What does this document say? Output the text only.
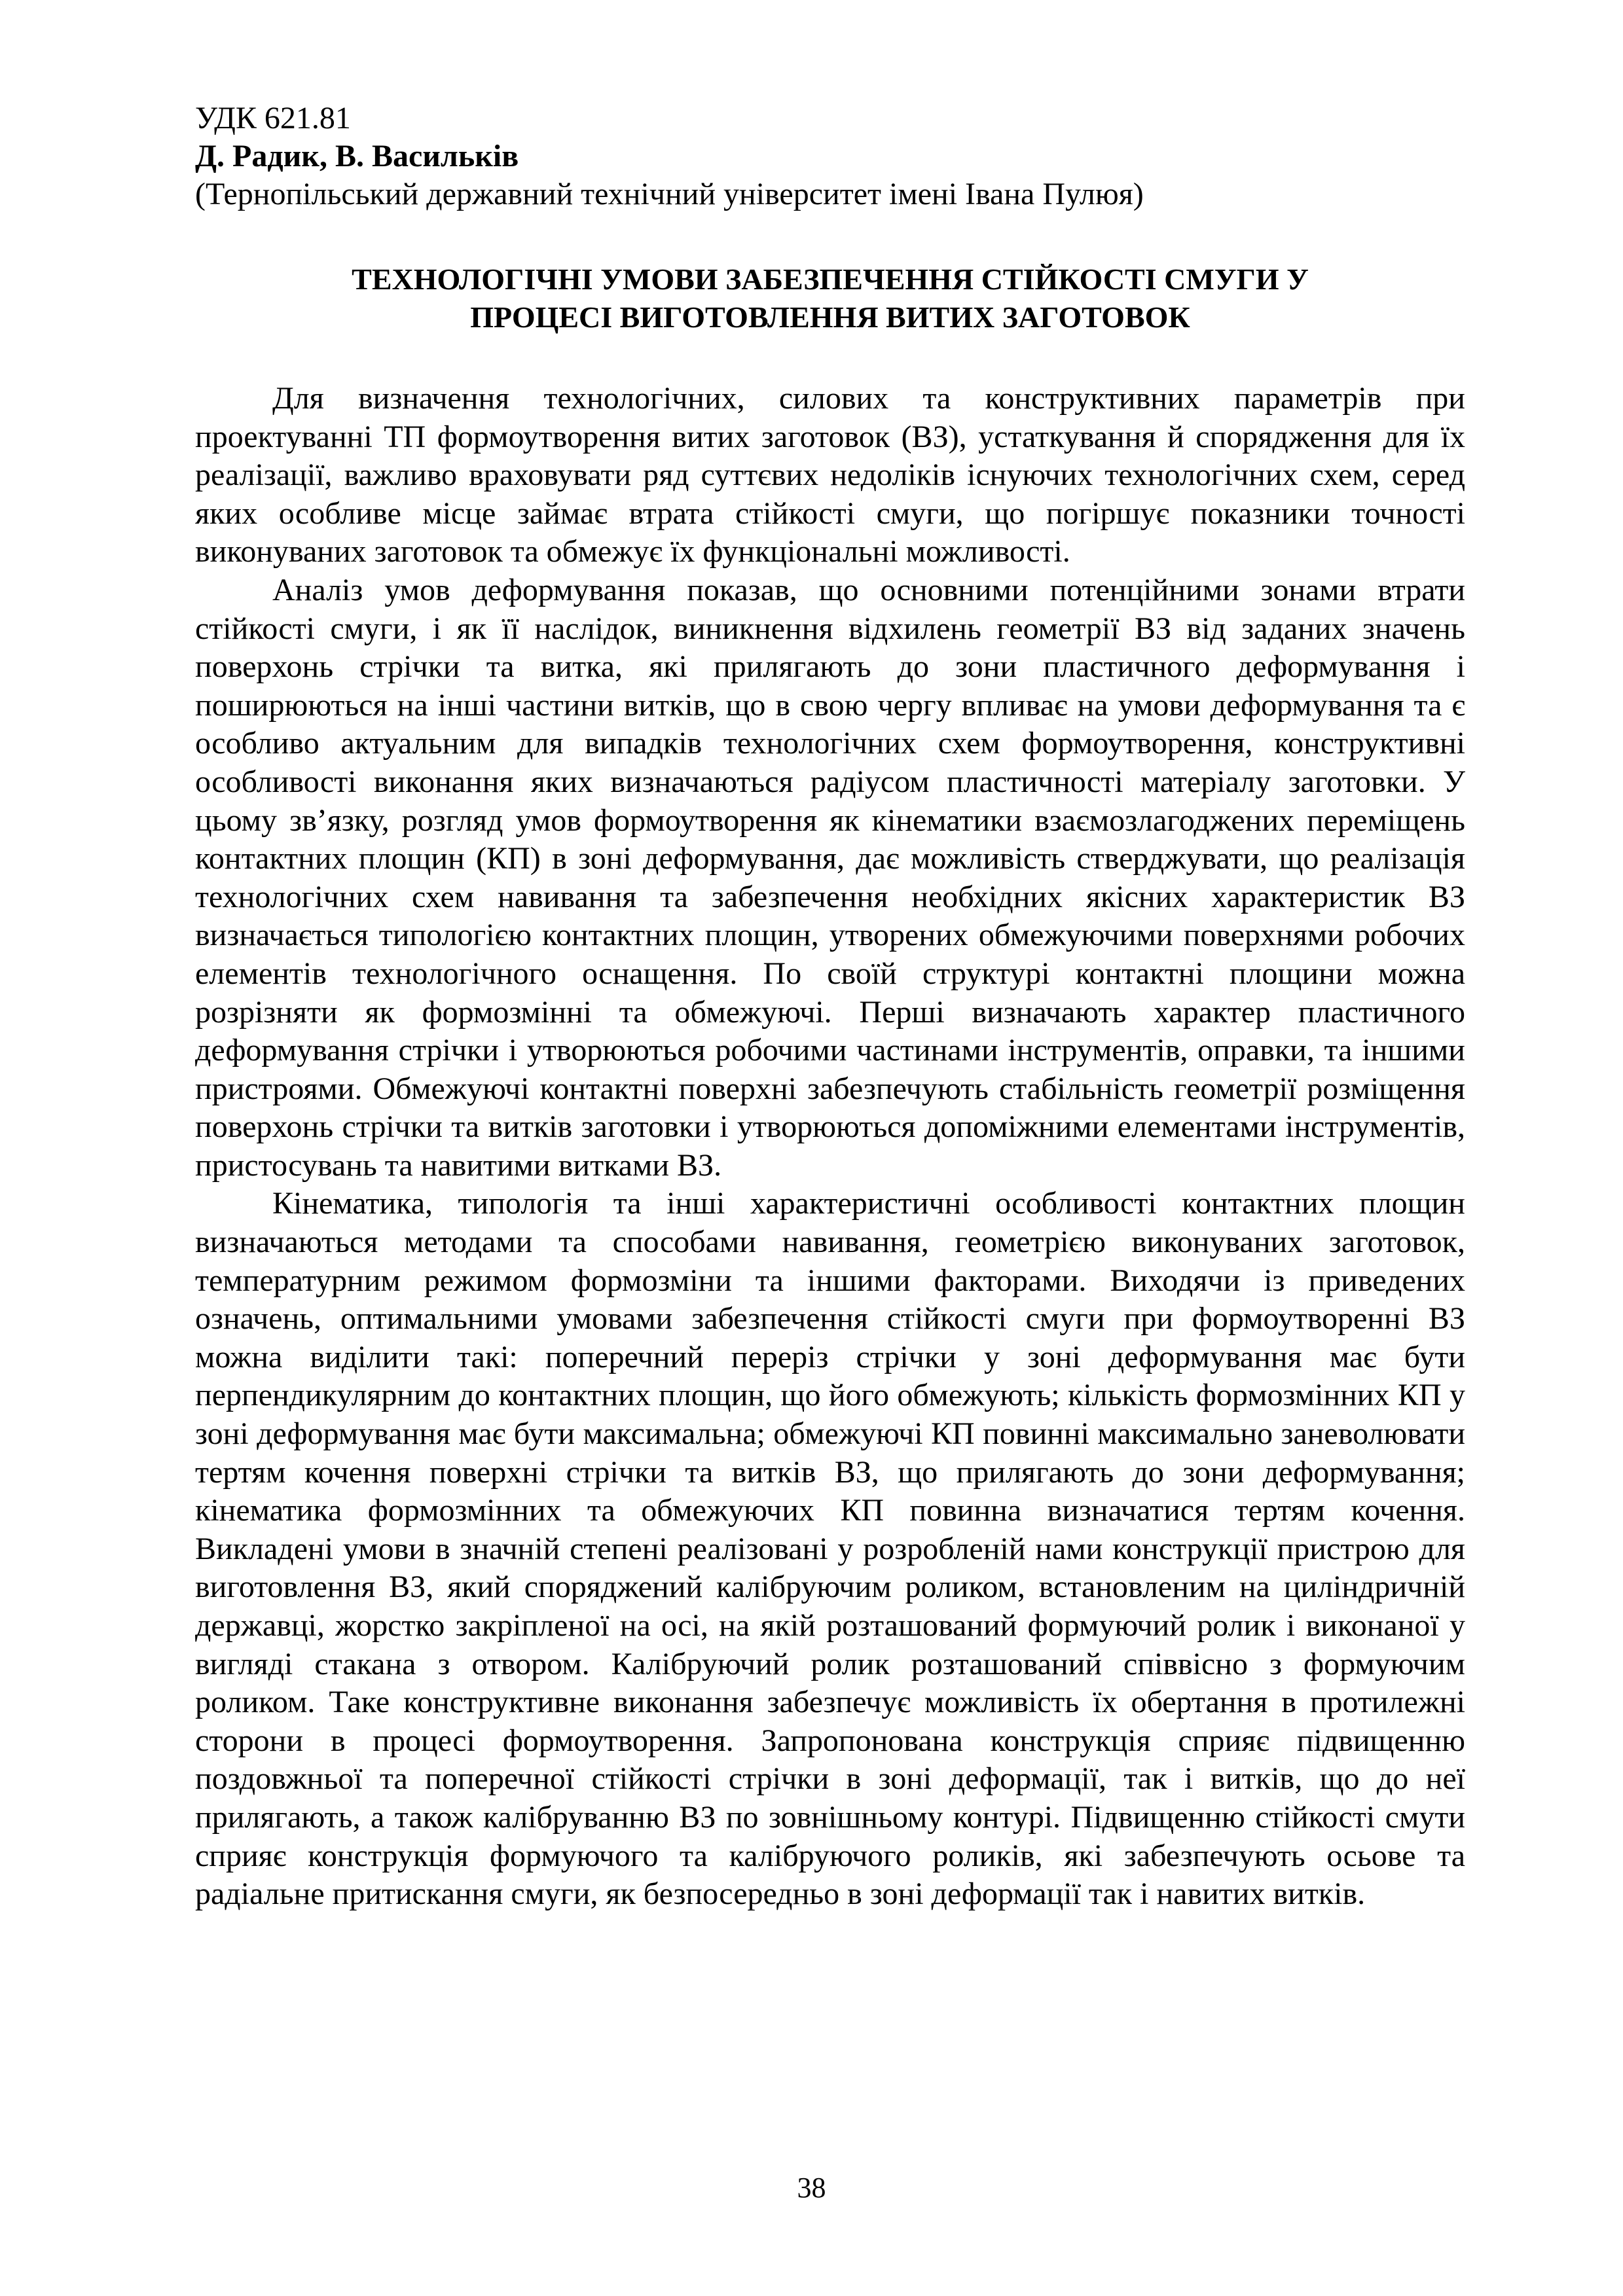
УДК 621.81

Д. Радик, В. Васильків

(Тернопільський державний технічний університет імені Івана Пулюя)

ТЕХНОЛОГІЧНІ УМОВИ ЗАБЕЗПЕЧЕННЯ СТІЙКОСТІ СМУГИ У
ПРОЦЕСІ ВИГОТОВЛЕННЯ ВИТИХ ЗАГОТОВОК

Для визначення технологічних, силових та конструктивних параметрів при проектуванні ТП формоутворення витих заготовок (ВЗ), устаткування й спорядження для їх реалізації, важливо враховувати ряд суттєвих недоліків існуючих технологічних схем, серед яких особливе місце займає втрата стійкості смуги, що погіршує показники точності виконуваних заготовок та обмежує їх функціональні можливості.

Аналіз умов деформування показав, що основними потенційними зонами втрати стійкості смуги, і як її наслідок, виникнення відхилень геометрії ВЗ від заданих значень поверхонь стрічки та витка, які прилягають до зони пластичного деформування і поширюються на інші частини витків, що в свою чергу впливає на умови деформування та є особливо актуальним для випадків технологічних схем формоутворення, конструктивні особливості виконання яких визначаються радіусом пластичності матеріалу заготовки. У цьому зв’язку, розгляд умов формоутворення як кінематики взаємозлагоджених переміщень контактних площин (КП) в зоні деформування, дає можливість стверджувати, що реалізація технологічних схем навивання та забезпечення необхідних якісних характеристик ВЗ визначається типологією контактних площин, утворених обмежуючими поверхнями робочих елементів технологічного оснащення. По своїй структурі контактні площини можна розрізняти як формозмінні та обмежуючі. Перші визначають характер пластичного деформування стрічки і утворюються робочими частинами інструментів, оправки, та іншими пристроями. Обмежуючі контактні поверхні забезпечують стабільність геометрії розміщення поверхонь стрічки та витків заготовки і утворюються допоміжними елементами інструментів, пристосувань та навитими витками ВЗ.

Кінематика, типологія та інші характеристичні особливості контактних площин визначаються методами та способами навивання, геометрією виконуваних заготовок, температурним режимом формозміни та іншими факторами. Виходячи із приведених означень, оптимальними умовами забезпечення стійкості смуги при формоутворенні ВЗ можна виділити такі: поперечний переріз стрічки у зоні деформування має бути перпендикулярним до контактних площин, що його обмежують; кількість формозмінних КП у зоні деформування має бути максимальна; обмежуючі КП повинні максимально заневолювати тертям кочення поверхні стрічки та витків ВЗ, що прилягають до зони деформування; кінематика формозмінних та обмежуючих КП повинна визначатися тертям кочення. Викладені умови в значній степені реалізовані у розробленій нами конструкції пристрою для виготовлення ВЗ, який споряджений калібруючим роликом, встановленим на циліндричній державці, жорстко закріпленої на осі, на якій розташований формуючий ролик і виконаної у вигляді стакана з отвором. Калібруючий ролик розташований співвісно з формуючим роликом. Таке конструктивне виконання забезпечує можливість їх обертання в протилежні сторони в процесі формоутворення. Запропонована конструкція сприяє підвищенню поздовжньої та поперечної стійкості стрічки в зоні деформації, так і витків, що до неї прилягають, а також калібруванню ВЗ по зовнішньому контурі. Підвищенню стійкості смути сприяє конструкція формуючого та калібруючого роликів, які забезпечують осьове та радіальне притискання смуги, як безпосередньо в зоні деформації так і навитих витків.

38
